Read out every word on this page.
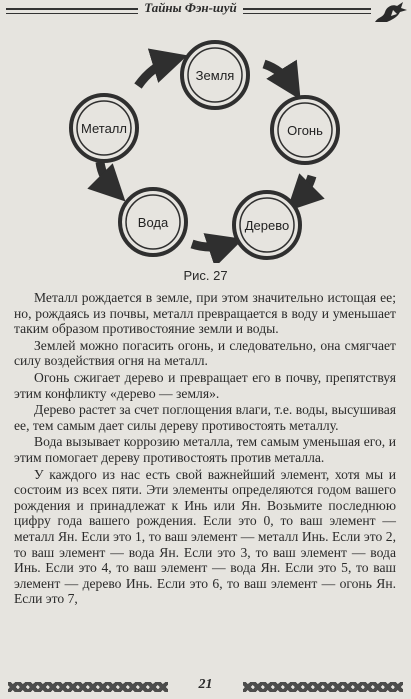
Тайны Фэн-шуй
Земля
Огонь
Дерево
Вода
Металл
Рис. 27

Металл рождается в земле, при этом значительно истощая ее; но, рождаясь из почвы, металл превращается в воду и уменьшает таким образом противостояние земли и воды.

Землей можно погасить огонь, и следовательно, она смягчает силу воздействия огня на металл.

Огонь сжигает дерево и превращает его в почву, препятствуя этим конфликту «дерево — земля».

Дерево растет за счет поглощения влаги, т.е. воды, высушивая ее, тем самым дает силы дереву противостоять металлу.

Вода вызывает коррозию металла, тем самым уменьшая его, и этим помогает дереву противостоять против металла.

У каждого из нас есть свой важнейший элемент, хотя мы и состоим из всех пяти. Эти элементы определяются годом вашего рождения и принадлежат к Инь или Ян. Возьмите последнюю цифру года вашего рождения. Если это 0, то ваш элемент — металл Ян. Если это 1, то ваш элемент — металл Инь. Если это 2, то ваш элемент — вода Ян. Если это 3, то ваш элемент — вода Инь. Если это 4, то ваш элемент — вода Ян. Если это 5, то ваш элемент — дерево Инь. Если это 6, то ваш элемент — огонь Ян. Если это 7,

21
